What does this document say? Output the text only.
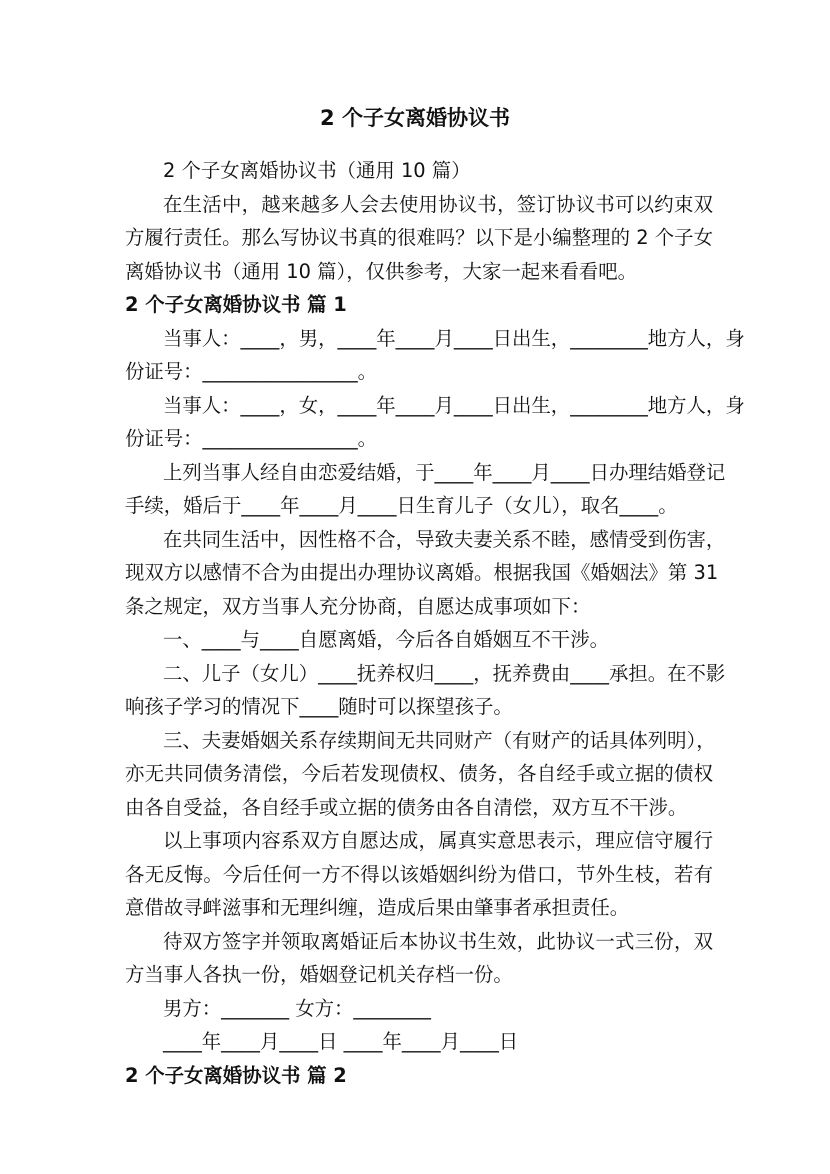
2 个子女离婚协议书
2 个子女离婚协议书（通用 10 篇）
在生活中，越来越多人会去使用协议书，签订协议书可以约束双
方履行责任。那么写协议书真的很难吗？以下是小编整理的 2 个子女
离婚协议书（通用 10 篇），仅供参考，大家一起来看看吧。
2 个子女离婚协议书 篇 1
当事人：____，男，____年____月____日出生，________地方人，身
份证号：________________。
当事人：____，女，____年____月____日出生，________地方人，身
份证号：________________。
上列当事人经自由恋爱结婚，于____年____月____日办理结婚登记
手续，婚后于____年____月____日生育儿子（女儿），取名____。
在共同生活中，因性格不合，导致夫妻关系不睦，感情受到伤害，
现双方以感情不合为由提出办理协议离婚。根据我国《婚姻法》第 31
条之规定，双方当事人充分协商，自愿达成事项如下：
一、____与____自愿离婚，今后各自婚姻互不干涉。
二、儿子（女儿）____抚养权归____，抚养费由____承担。在不影
响孩子学习的情况下____随时可以探望孩子。
三、夫妻婚姻关系存续期间无共同财产（有财产的话具体列明），
亦无共同债务清偿，今后若发现债权、债务，各自经手或立据的债权
由各自受益，各自经手或立据的债务由各自清偿，双方互不干涉。
以上事项内容系双方自愿达成，属真实意思表示，理应信守履行
各无反悔。今后任何一方不得以该婚姻纠纷为借口，节外生枝，若有
意借故寻衅滋事和无理纠缠，造成后果由肇事者承担责任。
待双方签字并领取离婚证后本协议书生效，此协议一式三份，双
方当事人各执一份，婚姻登记机关存档一份。
男方：_______ 女方：________
____年____月____日 ____年____月____日
2 个子女离婚协议书 篇 2
